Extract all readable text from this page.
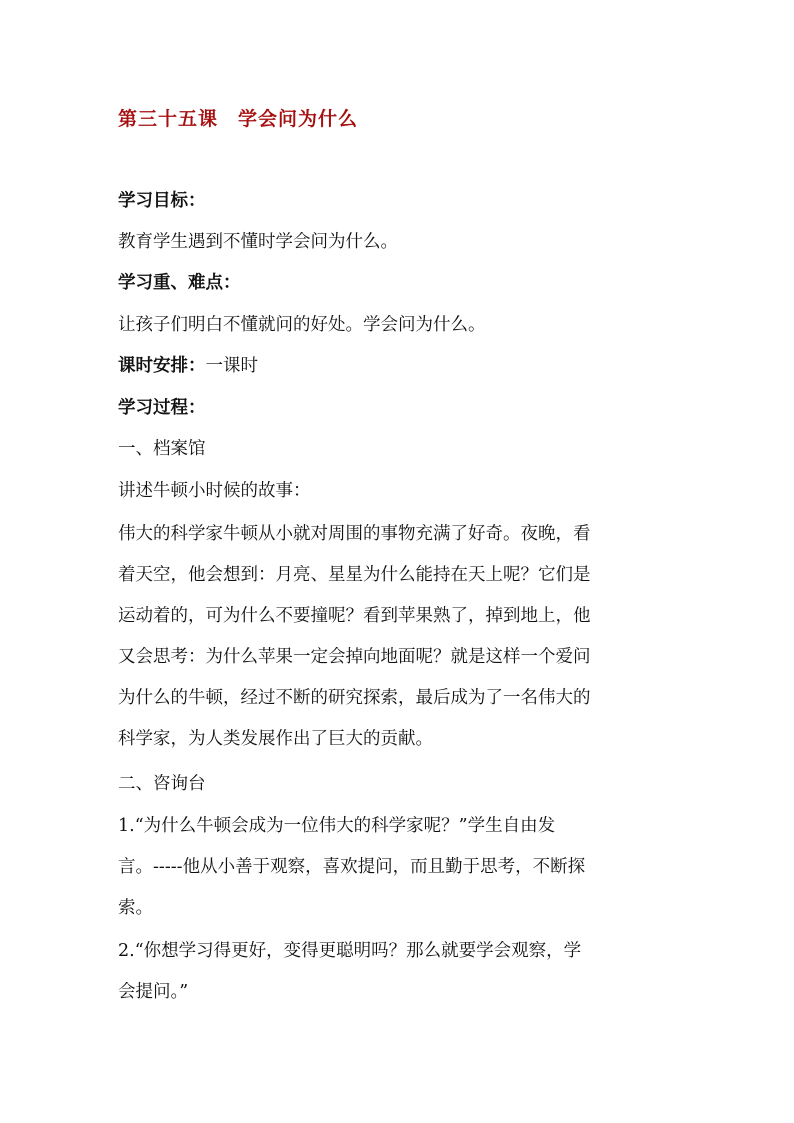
第三十五课　学会问为什么
学习目标：
教育学生遇到不懂时学会问为什么。
学习重、难点：
让孩子们明白不懂就问的好处。学会问为什么。
课时安排：一课时
学习过程：
一、档案馆
讲述牛顿小时候的故事：
伟大的科学家牛顿从小就对周围的事物充满了好奇。夜晚，看
着天空，他会想到：月亮、星星为什么能持在天上呢？它们是
运动着的，可为什么不要撞呢？看到苹果熟了，掉到地上，他
又会思考：为什么苹果一定会掉向地面呢？就是这样一个爱问
为什么的牛顿，经过不断的研究探索，最后成为了一名伟大的
科学家，为人类发展作出了巨大的贡献。
二、咨询台
1.“为什么牛顿会成为一位伟大的科学家呢？”学生自由发
言。-----他从小善于观察，喜欢提问，而且勤于思考，不断探
索。
2.“你想学习得更好，变得更聪明吗？那么就要学会观察，学
会提问。”
